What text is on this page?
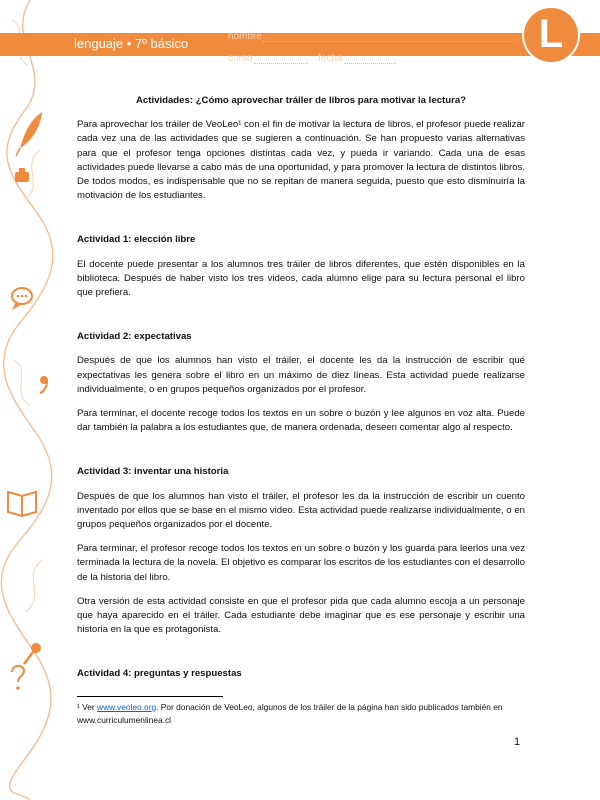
lenguaje • 7º básico	nombre
curso	fecha
L
Actividades: ¿Cómo aprovechar tráiler de libros para motivar la lectura?

Para aprovechar los tráiler de VeoLeo¹ con el fin de motivar la lectura de libros, el profesor puede realizar cada vez una de las actividades que se sugieren a continuación. Se han propuesto varias alternativas para que el profesor tenga opciones distintas cada vez, y pueda ir variando. Cada una de esas actividades puede llevarse a cabo más de una oportunidad, y para promover la lectura de distintos libros. De todos modos, es indispensable que no se repitan de manera seguida, puesto que esto disminuiría la motivación de los estudiantes.

Actividad 1: elección libre

El docente puede presentar a los alumnos tres tráiler de libros diferentes, que estén disponibles en la biblioteca. Después de haber visto los tres videos, cada alumno elige para su lectura personal el libro que prefiera.

Actividad 2: expectativas

Después de que los alumnos han visto el tráiler, el docente les da la instrucción de escribir qué expectativas les genera sobre el libro en un máximo de diez líneas. Esta actividad puede realizarse individualmente, o en grupos pequeños organizados por el profesor.

Para terminar, el docente recoge todos los textos en un sobre o buzón y lee algunos en voz alta. Puede dar también la palabra a los estudiantes que, de manera ordenada, deseen comentar algo al respecto.

Actividad 3: inventar una historia

Después de que los alumnos han visto el tráiler, el profesor les da la instrucción de escribir un cuento inventado por ellos que se base en el mismo video. Esta actividad puede realizarse individualmente, o en grupos pequeños organizados por el docente.

Para terminar, el profesor recoge todos los textos en un sobre o buzón y los guarda para leerlos una vez terminada la lectura de la novela. El objetivo es comparar los escritos de los estudiantes con el desarrollo de la historia del libro.

Otra versión de esta actividad consiste en que el profesor pida que cada alumno escoja a un personaje que haya aparecido en el tráiler. Cada estudiante debe imaginar que es ese personaje y escribir una historia en la que es protagonista.

Actividad 4: preguntas y respuestas
¹ Ver www.veoleo.org. Por donación de VeoLeo, algunos de los tráiler de la página han sido publicados también en www.curriculumenlinea.cl
1
